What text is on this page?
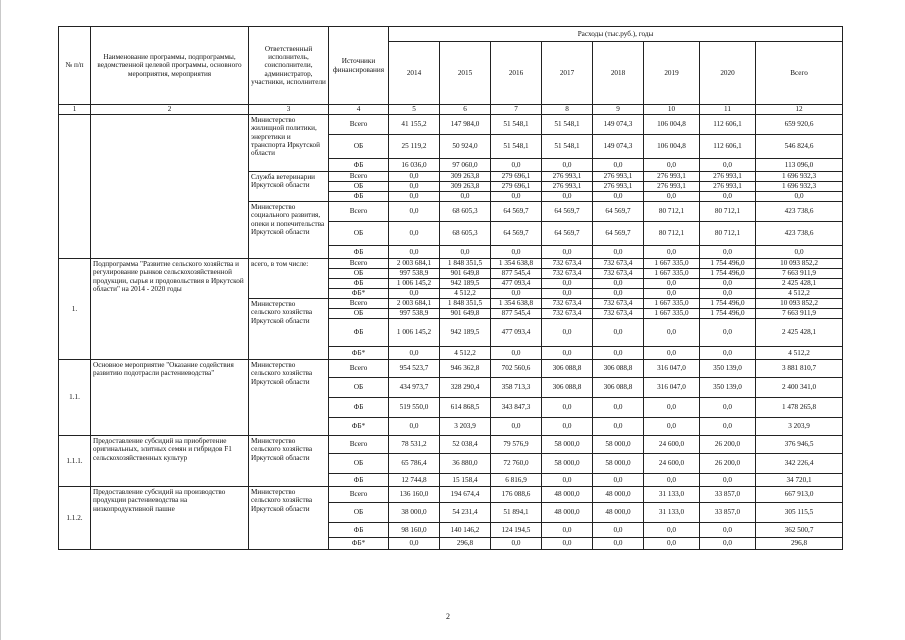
№ п/п	Наименование программы, подпрограммы, ведомственной целевой программы, основного мероприятия, мероприятия	Ответственный исполнитель, соисполнители, администратор, участники, исполнители	Источники финансирования	Расходы (тыс.руб.), годы							
				2014	2015	2016	2017	2018	2019	2020	Всего
1	2	3	4	5	6	7	8	9	10	11	12
		Министерство жилищной политики, энергетики и транспорта Иркутской области	Всего	41 155,2	147 984,0	51 548,1	51 548,1	149 074,3	106 004,8	112 606,1	659 920,6
			ОБ	25 119,2	50 924,0	51 548,1	51 548,1	149 074,3	106 004,8	112 606,1	546 824,6
			ФБ	16 036,0	97 060,0	0,0	0,0	0,0	0,0	0,0	113 096,0
		Служба ветеринарии Иркутской области	Всего	0,0	309 263,8	279 696,1	276 993,1	276 993,1	276 993,1	276 993,1	1 696 932,3
			ОБ	0,0	309 263,8	279 696,1	276 993,1	276 993,1	276 993,1	276 993,1	1 696 932,3
			ФБ	0,0	0,0	0,0	0,0	0,0	0,0	0,0	0,0
		Министерство социального развития, опеки и попечительства Иркутской области	Всего	0,0	68 605,3	64 569,7	64 569,7	64 569,7	80 712,1	80 712,1	423 738,6
			ОБ	0,0	68 605,3	64 569,7	64 569,7	64 569,7	80 712,1	80 712,1	423 738,6
			ФБ	0,0	0,0	0,0	0,0	0,0	0,0	0,0	0,0
1.	Подпрограмма "Развитие сельского хозяйства и регулирование рынков сельскохозяйственной продукции, сырья и продовольствия в Иркутской области" на 2014 - 2020 годы	всего, в том числе:	Всего	2 003 684,1	1 848 351,5	1 354 638,8	732 673,4	732 673,4	1 667 335,0	1 754 496,0	10 093 852,2
			ОБ	997 538,9	901 649,8	877 545,4	732 673,4	732 673,4	1 667 335,0	1 754 496,0	7 663 911,9
			ФБ	1 006 145,2	942 189,5	477 093,4	0,0	0,0	0,0	0,0	2 425 428,1
			ФБ*	0,0	4 512,2	0,0	0,0	0,0	0,0	0,0	4 512,2
		Министерство сельского хозяйства Иркутской области	Всего	2 003 684,1	1 848 351,5	1 354 638,8	732 673,4	732 673,4	1 667 335,0	1 754 496,0	10 093 852,2
			ОБ	997 538,9	901 649,8	877 545,4	732 673,4	732 673,4	1 667 335,0	1 754 496,0	7 663 911,9
			ФБ	1 006 145,2	942 189,5	477 093,4	0,0	0,0	0,0	0,0	2 425 428,1
			ФБ*	0,0	4 512,2	0,0	0,0	0,0	0,0	0,0	4 512,2
1.1.	Основное мероприятие "Оказание содействия развитию подотрасли растениеводства"	Министерство сельского хозяйства Иркутской области	Всего	954 523,7	946 362,8	702 560,6	306 088,8	306 088,8	316 047,0	350 139,0	3 881 810,7
			ОБ	434 973,7	328 290,4	358 713,3	306 088,8	306 088,8	316 047,0	350 139,0	2 400 341,0
			ФБ	519 550,0	614 868,5	343 847,3	0,0	0,0	0,0	0,0	1 478 265,8
			ФБ*	0,0	3 203,9	0,0	0,0	0,0	0,0	0,0	3 203,9
1.1.1.	Предоставление субсидий на приобретение оригинальных, элитных семян и гибридов F1 сельскохозяйственных культур	Министерство сельского хозяйства Иркутской области	Всего	78 531,2	52 038,4	79 576,9	58 000,0	58 000,0	24 600,0	26 200,0	376 946,5
			ОБ	65 786,4	36 880,0	72 760,0	58 000,0	58 000,0	24 600,0	26 200,0	342 226,4
			ФБ	12 744,8	15 158,4	6 816,9	0,0	0,0	0,0	0,0	34 720,1
1.1.2.	Предоставление субсидий на производство продукции растениеводства на низкопродуктивной пашне	Министерство сельского хозяйства Иркутской области	Всего	136 160,0	194 674,4	176 088,6	48 000,0	48 000,0	31 133,0	33 857,0	667 913,0
			ОБ	38 000,0	54 231,4	51 894,1	48 000,0	48 000,0	31 133,0	33 857,0	305 115,5
			ФБ	98 160,0	140 146,2	124 194,5	0,0	0,0	0,0	0,0	362 500,7
			ФБ*	0,0	296,8	0,0	0,0	0,0	0,0	0,0	296,8
2
